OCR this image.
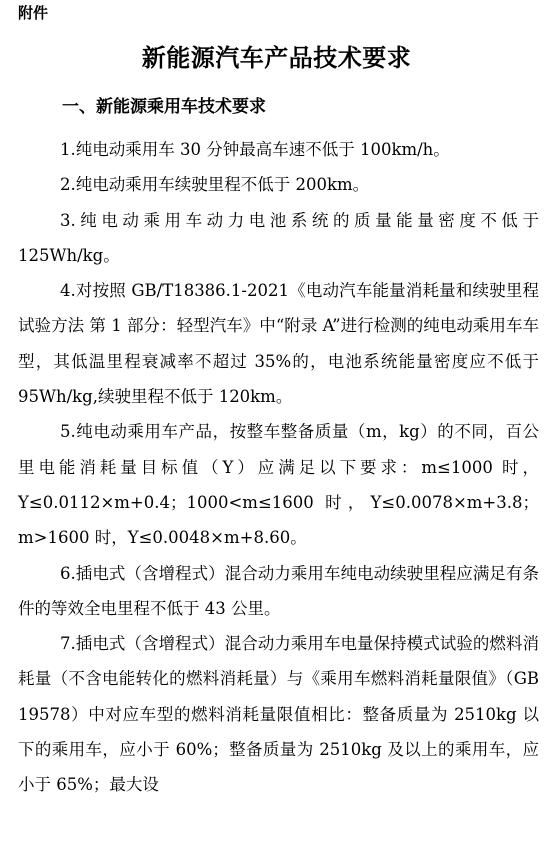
附件
新能源汽车产品技术要求
一、新能源乘用车技术要求

1.纯电动乘用车 30 分钟最高车速不低于 100km/h。

2.纯电动乘用车续驶里程不低于 200km。

3.纯电动乘用车动力电池系统的质量能量密度不低于 125Wh/kg。

4.对按照 GB/T18386.1-2021《电动汽车能量消耗量和续驶里程试验方法 第 1 部分：轻型汽车》中“附录 A”进行检测的纯电动乘用车车型，其低温里程衰减率不超过 35%的，电池系统能量密度应不低于 95Wh/kg,续驶里程不低于 120km。

5.纯电动乘用车产品，按整车整备质量（m，kg）的不同，百公里电能消耗量目标值（Y）应满足以下要求：m≤1000 时，Y≤0.0112×m+0.4；1000<m≤1600 时，Y≤0.0078×m+3.8；m>1600 时，Y≤0.0048×m+8.60。

6.插电式（含增程式）混合动力乘用车纯电动续驶里程应满足有条件的等效全电里程不低于 43 公里。

7.插电式（含增程式）混合动力乘用车电量保持模式试验的燃料消耗量（不含电能转化的燃料消耗量）与《乘用车燃料消耗量限值》（GB 19578）中对应车型的燃料消耗量限值相比：整备质量为 2510kg 以下的乘用车，应小于 60%；整备质量为 2510kg 及以上的乘用车，应小于 65%；最大设
